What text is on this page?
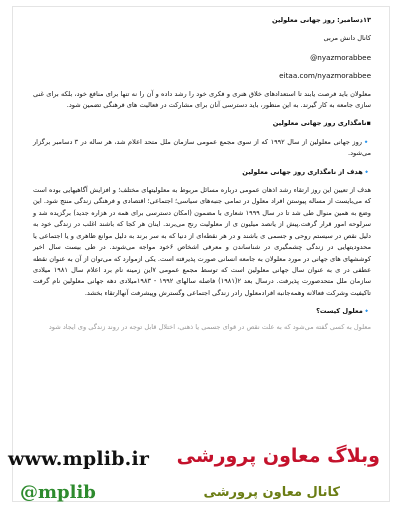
۱۳دسامبر: روز جهانی معلولین

کانال دانش مربی

@nyazmorabbee

eitaa.com/nyazmorabbee

معلولان باید فرصت یابند تا استعدادهای خلاق هنری و فکری خود را رشد داده و آن را نه تنها برای منافع خود، بلکه برای غنی سازی جامعه به کار گیرند. به این منظور، باید دسترسی آنان برای مشارکت در فعالیت های فرهنگی تضمین شود.

▪نامگذاری روز جهانی معلولین

🔹روز جهانی معلولین از سال ۱۹۹۲ که از سوی مجمع عمومی سازمان ملل متحد اعلام شد، هر ساله در ۳ دسامبر برگزار می‌شود.

🔹هدف از نامگذاری روز جهانی معلولین

هدف از تعیین این روز ارتقاء رشد اذهان عمومی درباره مسائل مربوط به معلولیتهای مختلف؛ و افزایش آگاهیهایی بوده است که می‌بایست از مساله پیوستن افراد معلول در تمامی جنبه‌های سیاسی؛ اجتماعی؛ اقتصادی و فرهنگی زندگی منتج شود. این وضع به همین منوال طی شد تا در سال ۱۹۹۹ شعاری با مضمون (امکان دسترسی برای همه در هزاره جدید) برگزیده شد و سرلوحه امور قرار گرفت.پیش از یانصد میلیون ی از معلولیت رنج می‌برند. اینان هر کجا که باشند اغلب در زندگی خود به دلیل نقص در سیستم روحی و جسمی ی باشند و در هر نقطه‌ای از دنیا که به سر برند به دلیل موانع ظاهری و یا اجتماعی یا محدودیتهایی در زندگی چشمگیری در شناساندن و معرفی اشخاص ۶خود مواجه می‌شوند. در طی بیست سال اخیر کوششهای های جهانی در مورد معلولان به جامعه انسانی صورت پذیرفته است. یکی ازموارد که می‌توان از آن به عنوان نقطه عطفی در ی به عنوان سال جهانی معلولین است که توسط مجمع عمومی ۷این زمینه نام برد اعلام سال ۱۹۸۱ میلادی سازمان ملل متحدصورت پذیرفت. درسال بعد ۲(۱۹۸۱) فاصله سالهای ۱۹۹۲ - ۱۹۸۳میلادی دهه جهانی معلولین نام گرفت تاکیفیت وشرکت فعالانه وهمه‌جانبه افرادمعلول رادر زندگی اجتماعی وگسترش وپیشرفت آنهاارتقاء بخشد.

🔹معلول کیست؟

معلول به کسی گفته می‌شود که به علت نقص در قوای جسمی یا ذهنی، اختلال قابل توجه در روند زندگی وی ایجاد شود

www.mplib.ir وبلاگ معاون پرورشی
@mplib	کانال معاون پرورشی
